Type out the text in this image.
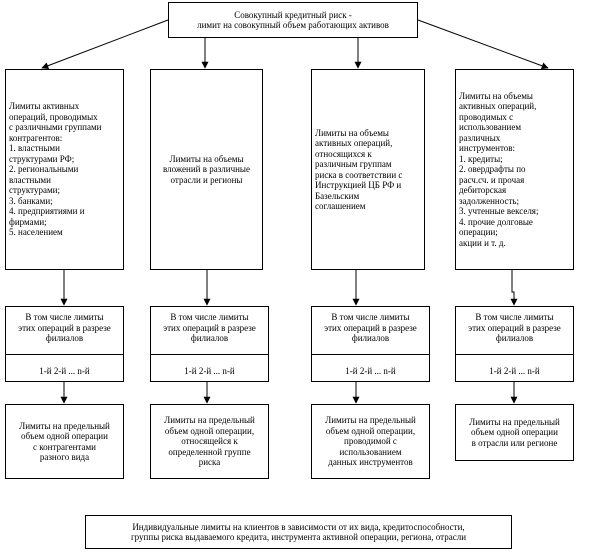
Совокупный кредитный риск -
лимит на совокупный объем работающих активов
Лимиты активных
операций, проводимых
с различными группами
контрагентов:
1. властными
структурами РФ;
2. региональными
властными
структурами;
3. банками;
4. предприятиями и
фирмами;
5. населением
Лимиты на объемы
вложений в различные
отрасли и регионы
Лимиты на объемы
активных операций,
относящихся к
различным группам
риска в соответствии с
Инструкцией ЦБ РФ и
Базельским
соглашением
Лимиты на объемы
активных операций,
проводимых с
использованием
различных
инструментов:
1. кредиты;
2. овердрафты по
расч.сч. и прочая
дебиторская
задолженность;
3. учтенные векселя;
4. прочие долговые
операции;
акции и т. д.
В том числе лимиты
этих операций в разрезе
филиалов
1-й 2-й ... n-й
В том числе лимиты
этих операций в разрезе
филиалов
1-й 2-й ... n-й
В том числе лимиты
этих операций в разрезе
филиалов
1-й 2-й ... n-й
В том числе лимиты
этих операций в разрезе
филиалов
1-й 2-й ... n-й
Лимиты на предельный
объем одной операции
с контрагентами
разного вида
Лимиты на предельный
объем одной операции,
относящейся к
определенной группе
риска
Лимиты на предельный
объем одной операции,
проводимой с
использованием
данных инструментов
Лимиты на предельный
объем одной операции
в отрасли или регионе
Индивидуальные лимиты на клиентов в зависимости от их вида, кредитоспособности,
группы риска выдаваемого кредита, инструмента активной операции, региона, отрасли
